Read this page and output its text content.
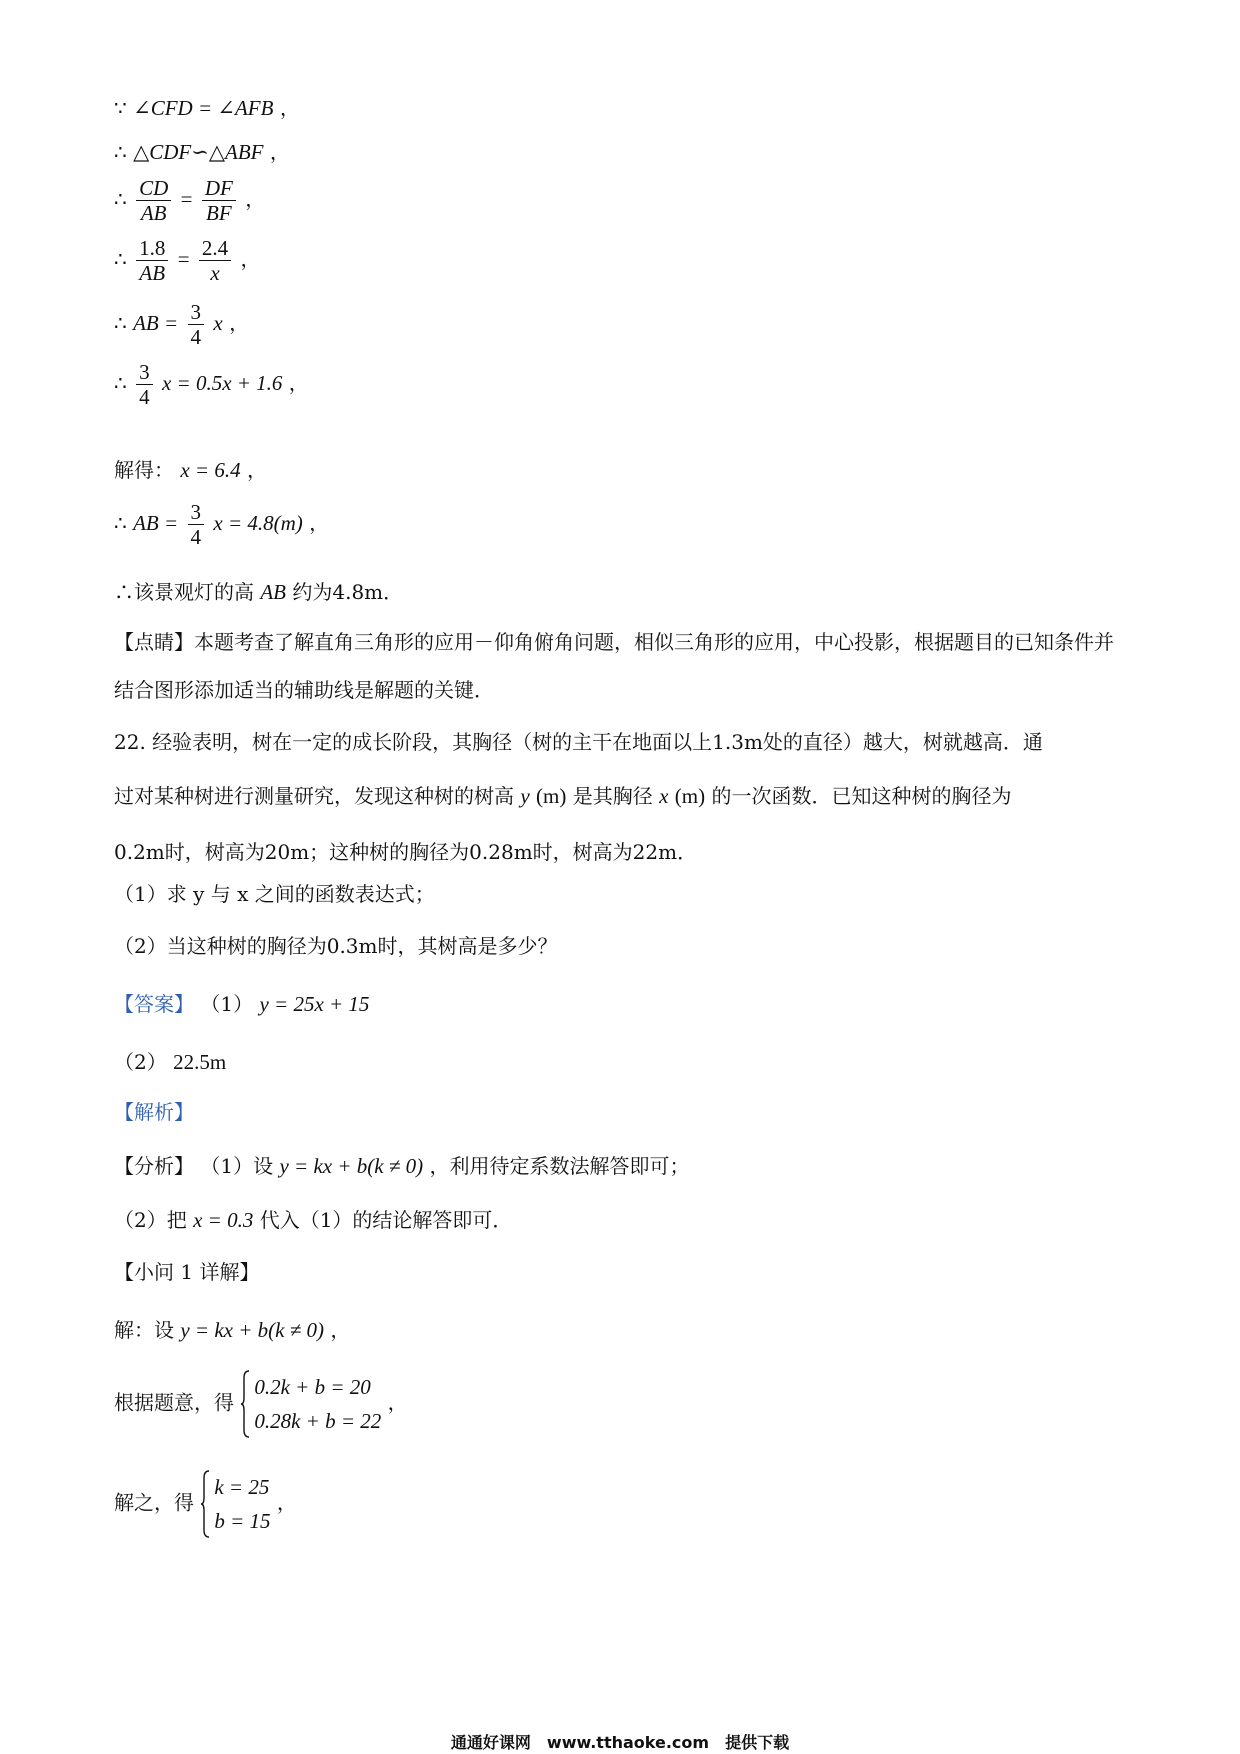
∵ ∠CFD = ∠AFB ，
∴ △CDF∽△ABF ，
∴ $\frac{CD}{AB} = \frac{DF}{BF}$ ，
∴ $\frac{1.8}{AB} = \frac{2.4}{x}$ ，
∴ AB = $\frac{3}{4}$ x ，
∴ $\frac{3}{4}$ x = 0.5x + 1.6 ，
解得： x = 6.4 ，
∴ AB = $\frac{3}{4}$ x = 4.8(m) ，
∴该景观灯的高 AB 约为4.8m．
【点睛】本题考查了解直角三角形的应用－仰角俯角问题，相似三角形的应用，中心投影，根据题目的已知条件并结合图形添加适当的辅助线是解题的关键．
22. 经验表明，树在一定的成长阶段，其胸径（树的主干在地面以上1.3m处的直径）越大，树就越高．通
过对某种树进行测量研究，发现这种树的树高 y (m) 是其胸径 x (m) 的一次函数．已知这种树的胸径为
0.2m时，树高为20m；这种树的胸径为0.28m时，树高为22m．
（1）求 y 与 x 之间的函数表达式；
（2）当这种树的胸径为0.3m时，其树高是多少？
【答案】 （1） y = 25x + 15
（2） 22.5m
【解析】
【分析】 （1）设 y = kx + b(k ≠ 0) ，利用待定系数法解答即可；
（2）把 x = 0.3 代入（1）的结论解答即可．
【小问 1 详解】
解：设 y = kx + b(k ≠ 0) ，
根据题意，得
0.2k + b = 20
0.28k + b = 22
，
解之，得
k = 25
b = 15
，
通通好课网　www.tthaoke.com　提供下载
